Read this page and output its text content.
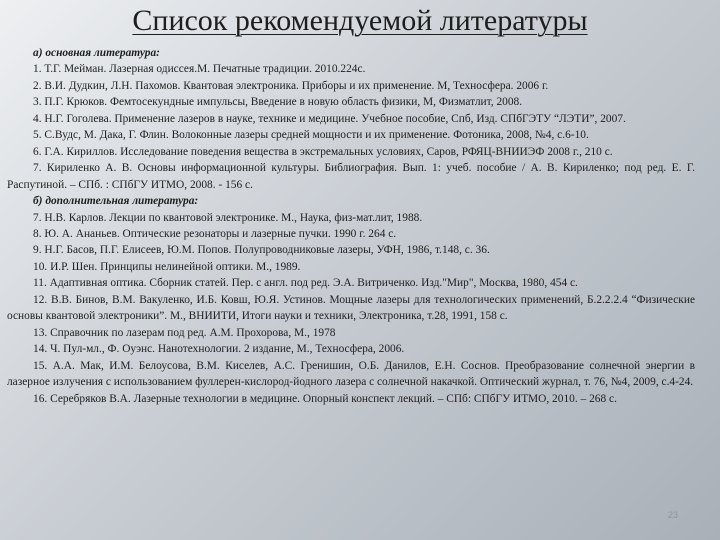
Список рекомендуемой литературы

а) основная литература:

1. Т.Г. Мейман. Лазерная одиссея.М. Печатные традиции. 2010.224с.

2. В.И. Дудкин, Л.Н. Пахомов. Квантовая электроника. Приборы и их применение. М, Техносфера. 2006 г.

3. П.Г. Крюков. Фемтосекундные импульсы, Введение в новую область физики, М, Физматлит, 2008.

4. Н.Г. Гоголева. Применение лазеров в науке, технике и медицине. Учебное пособие, Спб, Изд. СПбГЭТУ “ЛЭТИ”, 2007.

5. С.Вудс, М. Дака, Г. Флин. Волоконные лазеры средней мощности и их применение. Фотоника, 2008, №4, с.6-10.

6. Г.А. Кириллов. Исследование поведения вещества в экстремальных условиях, Саров, РФЯЦ-ВНИИЭФ 2008 г., 210 с.

7. Кириленко А. В. Основы информационной культуры. Библиография. Вып. 1: учеб. пособие / А. В. Кириленко; под ред. Е. Г. Распутиной. – СПб. : СПбГУ ИТМО, 2008. - 156 с.

б) дополнительная литература:

7. Н.В. Карлов. Лекции по квантовой электронике. М., Наука, физ-мат.лит, 1988.

8. Ю. А. Ананьев. Оптические резонаторы и лазерные пучки. 1990 г. 264 с.

9. Н.Г. Басов, П.Г. Елисеев, Ю.М. Попов. Полупроводниковые лазеры, УФН, 1986, т.148, с. 36.

10. И.Р. Шен. Принципы нелинейной оптики. М., 1989.

11. Адаптивная оптика. Сборник статей. Пер. с англ. под ред. Э.А. Витриченко. Изд."Мир", Москва, 1980, 454 с.

12. В.В. Бинов, В.М. Вакуленко, И.Б. Ковш, Ю.Я. Устинов. Мощные лазеры для технологических применений, Б.2.2.2.4 “Физические основы квантовой электроники”. М., ВНИИТИ, Итоги науки и техники, Электроника, т.28, 1991, 158 с.

13. Справочник по лазерам под ред. А.М. Прохорова, М., 1978

14. Ч. Пул-мл., Ф. Оуэнс. Нанотехнологии. 2 издание, М., Техносфера, 2006.

15. А.А. Мак, И.М. Белоусова, В.М. Киселев, А.С. Гренишин, О.Б. Данилов, Е.Н. Соснов. Преобразование солнечной энергии в лазерное излучения с использованием фуллерен-кислород-йодного лазера с солнечной накачкой. Оптический журнал, т. 76, №4, 2009, с.4-24.

16. Серебряков В.А. Лазерные технологии в медицине. Опорный конспект лекций. – СПб: СПбГУ ИТМО, 2010. – 268 с.

23
